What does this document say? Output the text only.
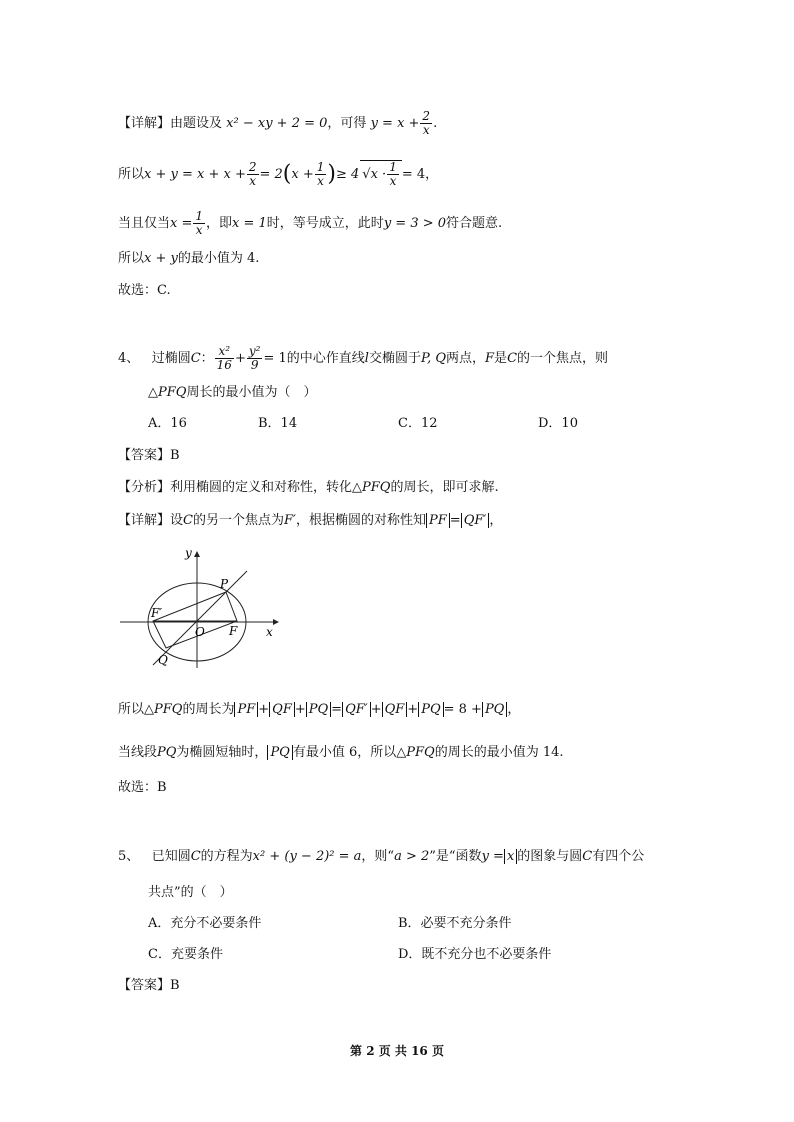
【详解】由题设及 x² − xy + 2 = 0，可得 $y = x + \frac{2}{x}$ .
所以$x + y = x + x + \frac{2}{x} = 2(x + \frac{1}{x}$ )≥ 4 $√x \cdot \frac{1}{x} = 4$，
当且仅当$x = \frac{1}{x}$ ，即x = 1时，等号成立，此时y = 3 > 0符合题意.
所以x + y的最小值为 4.
故选：C.
4、 过椭圆C： $\frac{\text{x²}}{16} + \frac{\text{y²}}{9} = 1$的中心作直线l交椭圆于P, Q两点，F是C的一个焦点，则
△PFQ周长的最小值为（　）
A．16	B．14	C．12	D．10
【答案】B
【分析】利用椭圆的定义和对称性，转化△PFQ的周长，即可求解.
【详解】设C的另一个焦点为F′，根据椭圆的对称性知 PF = QF′ ，
y
x
P
F′
O F
Q
所以△PFQ的周长为 PF + QF + PQ = QF′ + QF + PQ = 8 + PQ ，
当线段PQ为椭圆短轴时， PQ 有最小值 6，所以△PFQ的周长的最小值为 14.
故选：B
5、 已知圆C的方程为x² + (y − 2)² = a，则“a > 2”是“函数y = x 的图象与圆C有四个公
共点”的（　）
A．充分不必要条件	B．必要不充分条件
C．充要条件	D．既不充分也不必要条件
【答案】B
第 2 页 共 16 页
